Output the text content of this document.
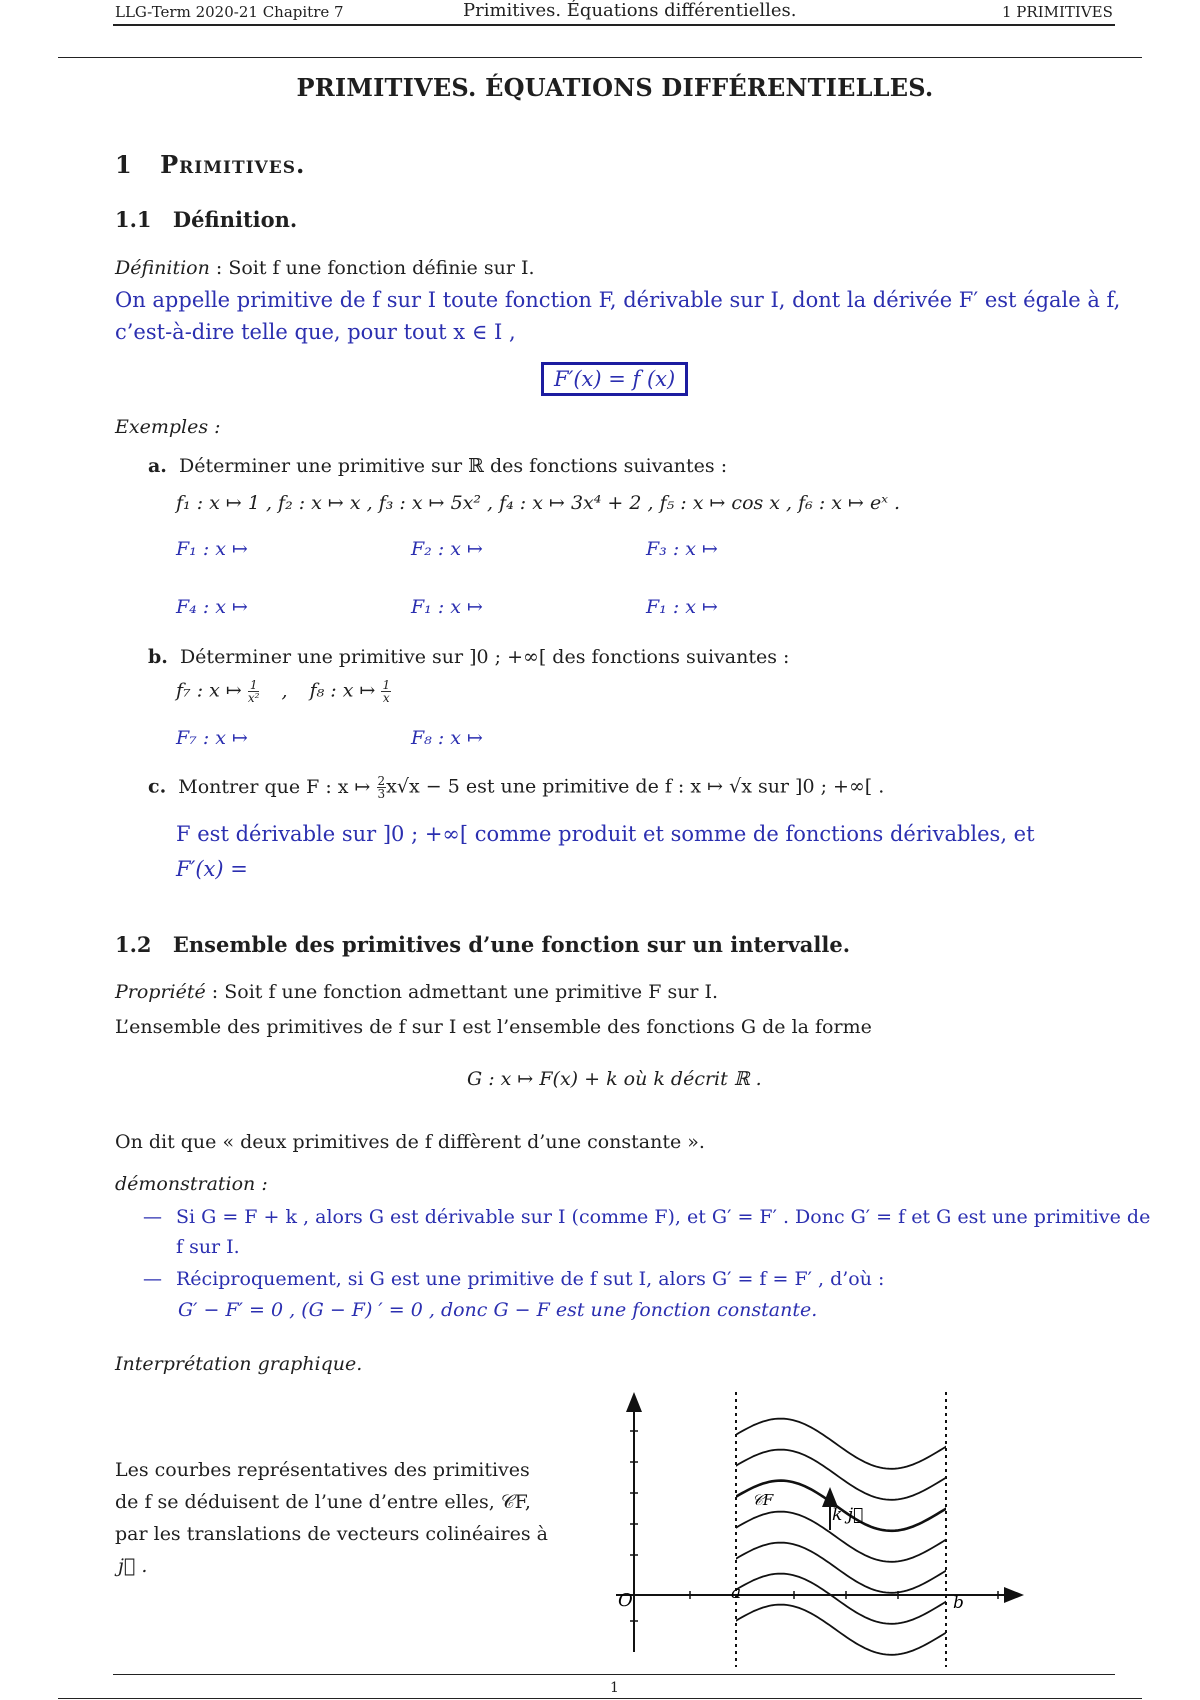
LLG-Term 2020-21 Chapitre 7	Primitives. Équations différentielles.	1 PRIMITIVES
PRIMITIVES. ÉQUATIONS DIFFÉRENTIELLES.
1 Primitives.
1.1 Définition.
Définition : Soit f une fonction définie sur I.
On appelle primitive de f sur I toute fonction F, dérivable sur I, dont la dérivée F′ est égale à f,
c’est-à-dire telle que, pour tout x ∈ I ,
F′(x) = f (x)
Exemples :
a. Déterminer une primitive sur ℝ des fonctions suivantes :
f₁ : x ↦ 1 , f₂ : x ↦ x , f₃ : x ↦ 5x² , f₄ : x ↦ 3x⁴ + 2 , f₅ : x ↦ cos x , f₆ : x ↦ eˣ .
F₁ : x ↦	F₂ : x ↦	F₃ : x ↦
F₄ : x ↦	F₁ : x ↦	F₁ : x ↦
b. Déterminer une primitive sur ]0 ; +∞[ des fonctions suivantes :
f₇ : x ↦ $\frac{1}{\text{x²}}$ , f₈ : x ↦ $\frac{1}{x}$
F₇ : x ↦	F₈ : x ↦
c. Montrer que F : x ↦ $\frac{2}{3} x√x - 5$ est une primitive de f : x ↦ √x sur ]0 ; +∞[ .
F est dérivable sur ]0 ; +∞[ comme produit et somme de fonctions dérivables, et
F′(x) =
1.2 Ensemble des primitives d’une fonction sur un intervalle.
Propriété : Soit f une fonction admettant une primitive F sur I.
L’ensemble des primitives de f sur I est l’ensemble des fonctions G de la forme
G : x ↦ F(x) + k où k décrit ℝ .
On dit que « deux primitives de f diffèrent d’une constante ».
démonstration :
— Si G = F + k , alors G est dérivable sur I (comme F), et G′ = F′ . Donc G′ = f et G est une primitive de
f sur I.
— Réciproquement, si G est une primitive de f sut I, alors G′ = f = F′ , d’où :
G′ − F′ = 0 , (G − F) ′ = 0 , donc G − F est une fonction constante.
Interprétation graphique.
Les courbes représentatives des primitives
de f se déduisent de l’une d’entre elles, 𝒞F,
par les translations de vecteurs colinéaires à
j⃗ .
O	a	b
𝒞F
k j⃗
1
